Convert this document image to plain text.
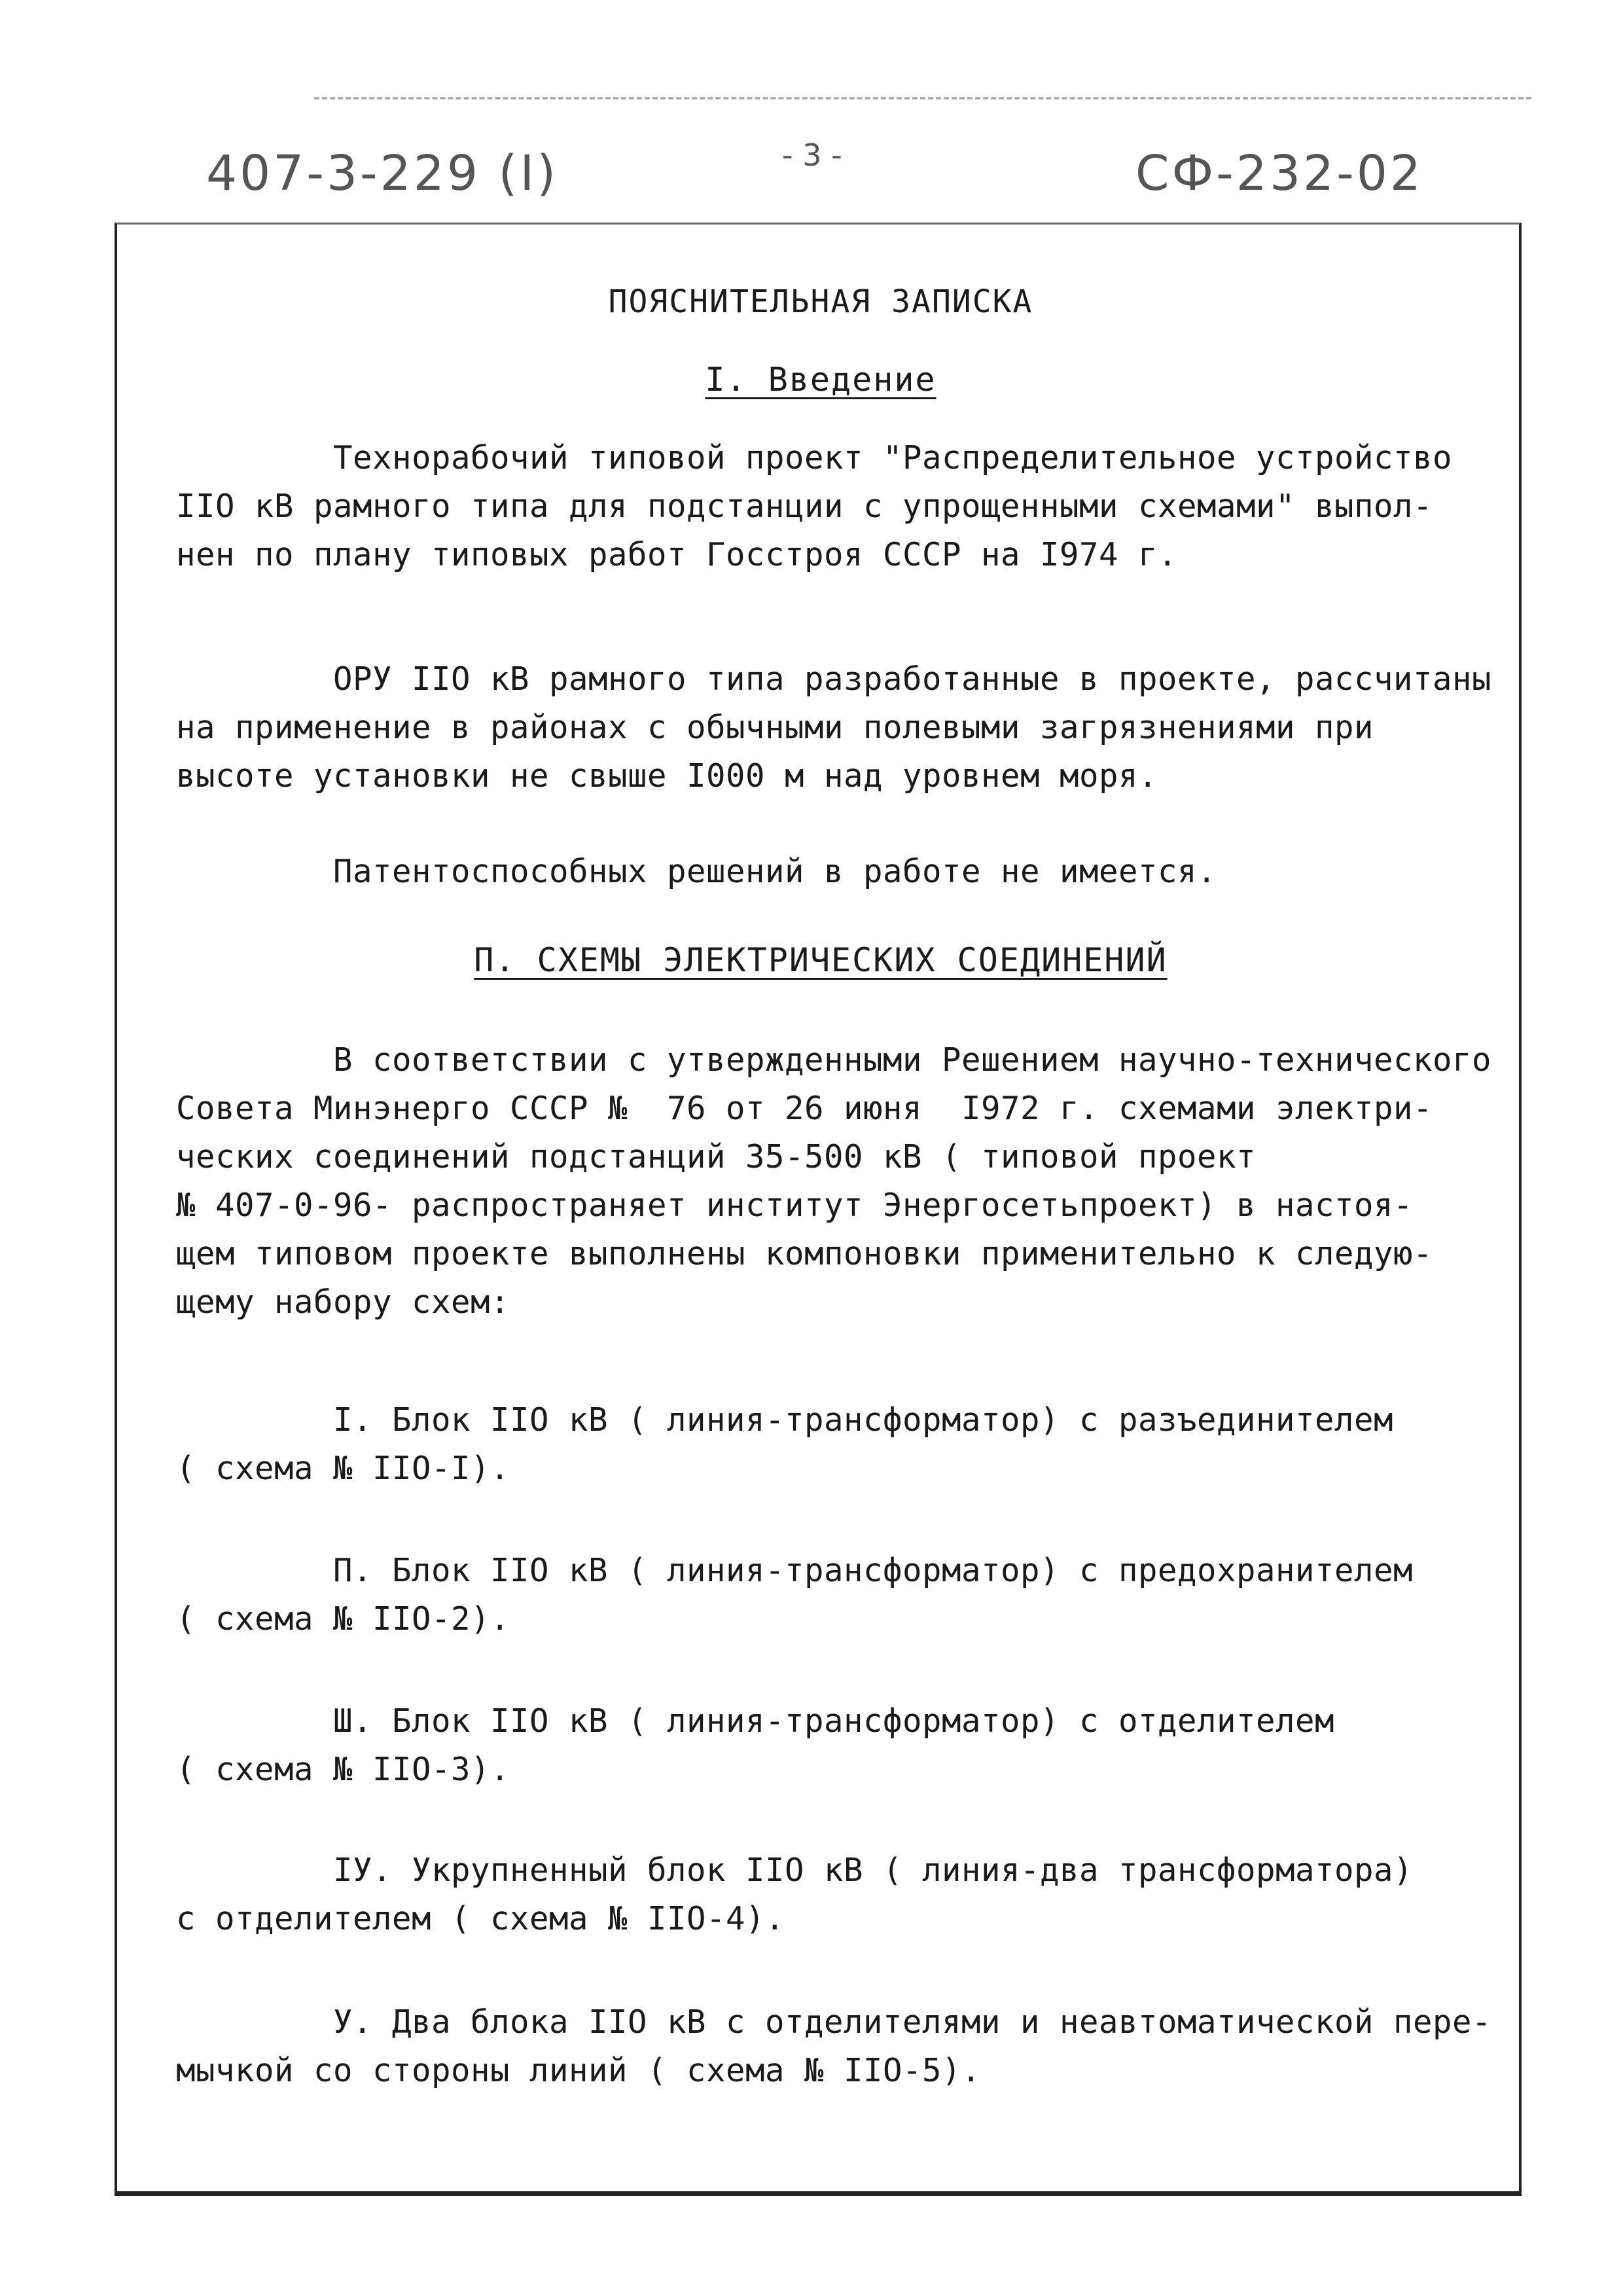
407-3-229 (I)	- 3 -	СФ-232-02
ПОЯСНИТЕЛЬНАЯ ЗАПИСКА
I. Введение
Технорабочий типовой проект "Распределительное устройство
IIO кВ рамного типа для подстанции с упрощенными схемами" выпол-
нен по плану типовых работ Госстроя СССР на I974 г.
ОРУ IIO кВ рамного типа разработанные в проекте, рассчитаны
на применение в районах с обычными полевыми загрязнениями при
высоте установки не свыше I000 м над уровнем моря.
Патентоспособных решений в работе не имеется.
П. СХЕМЫ ЭЛЕКТРИЧЕСКИХ СОЕДИНЕНИЙ
В соответствии с утвержденными Решением научно-технического
Совета Минэнерго СССР №  76 от 26 июня  I972 г. схемами электри-
ческих соединений подстанций 35-500 кВ ( типовой проект
№ 407-0-96- распространяет институт Энергосетьпроект) в настоя-
щем типовом проекте выполнены компоновки применительно к следую-
щему набору схем:
I. Блок IIO кВ ( линия-трансформатор) с разъединителем
( схема № IIO-I).
П. Блок IIO кВ ( линия-трансформатор) с предохранителем
( схема № IIO-2).
Ш. Блок IIO кВ ( линия-трансформатор) с отделителем
( схема № IIO-3).
IУ. Укрупненный блок IIO кВ ( линия-два трансформатора)
с отделителем ( схема № IIO-4).
У. Два блока IIO кВ с отделителями и неавтоматической пере-
мычкой со стороны линий ( схема № IIO-5).
